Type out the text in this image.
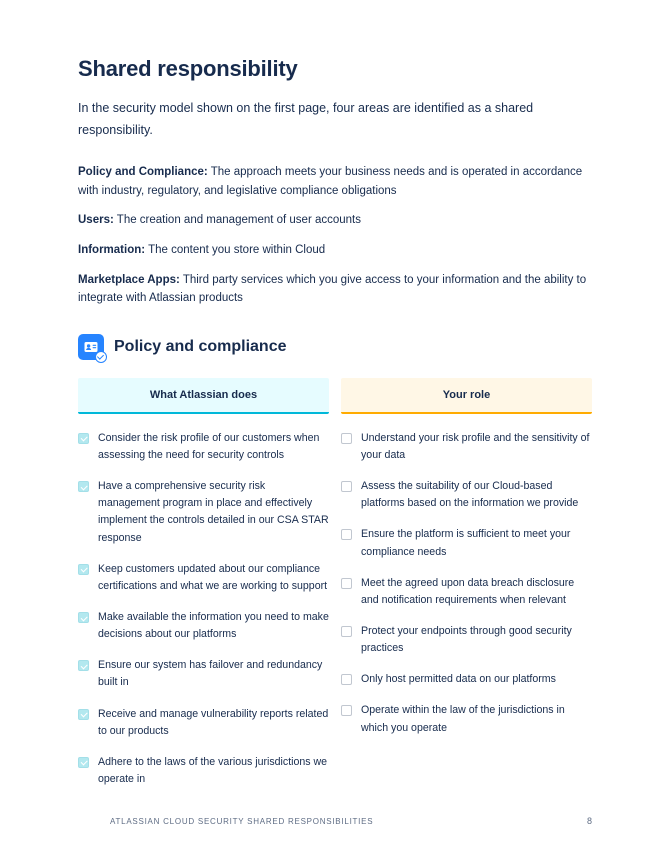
Shared responsibility

In the security model shown on the first page, four areas are identified as a shared responsibility.

Policy and Compliance: The approach meets your business needs and is operated in accordance with industry, regulatory, and legislative compliance obligations

Users: The creation and management of user accounts

Information: The content you store within Cloud

Marketplace Apps: Third party services which you give access to your information and the ability to integrate with Atlassian products

Policy and compliance
What Atlassian does	Your role

Consider the risk profile of our customers when assessing the need for security controls
Have a comprehensive security risk management program in place and effectively implement the controls detailed in our CSA STAR response
Keep customers updated about our compliance certifications and what we are working to support
Make available the information you need to make decisions about our platforms
Ensure our system has failover and redundancy built in
Receive and manage vulnerability reports related to our products
Adhere to the laws of the various jurisdictions we operate in

Understand your risk profile and the sensitivity of your data
Assess the suitability of our Cloud-based platforms based on the information we provide
Ensure the platform is sufficient to meet your compliance needs
Meet the agreed upon data breach disclosure and notification requirements when relevant
Protect your endpoints through good security practices
Only host permitted data on our platforms
Operate within the law of the jurisdictions in which you operate
ATLASSIAN CLOUD SECURITY SHARED RESPONSIBILITIES	8
